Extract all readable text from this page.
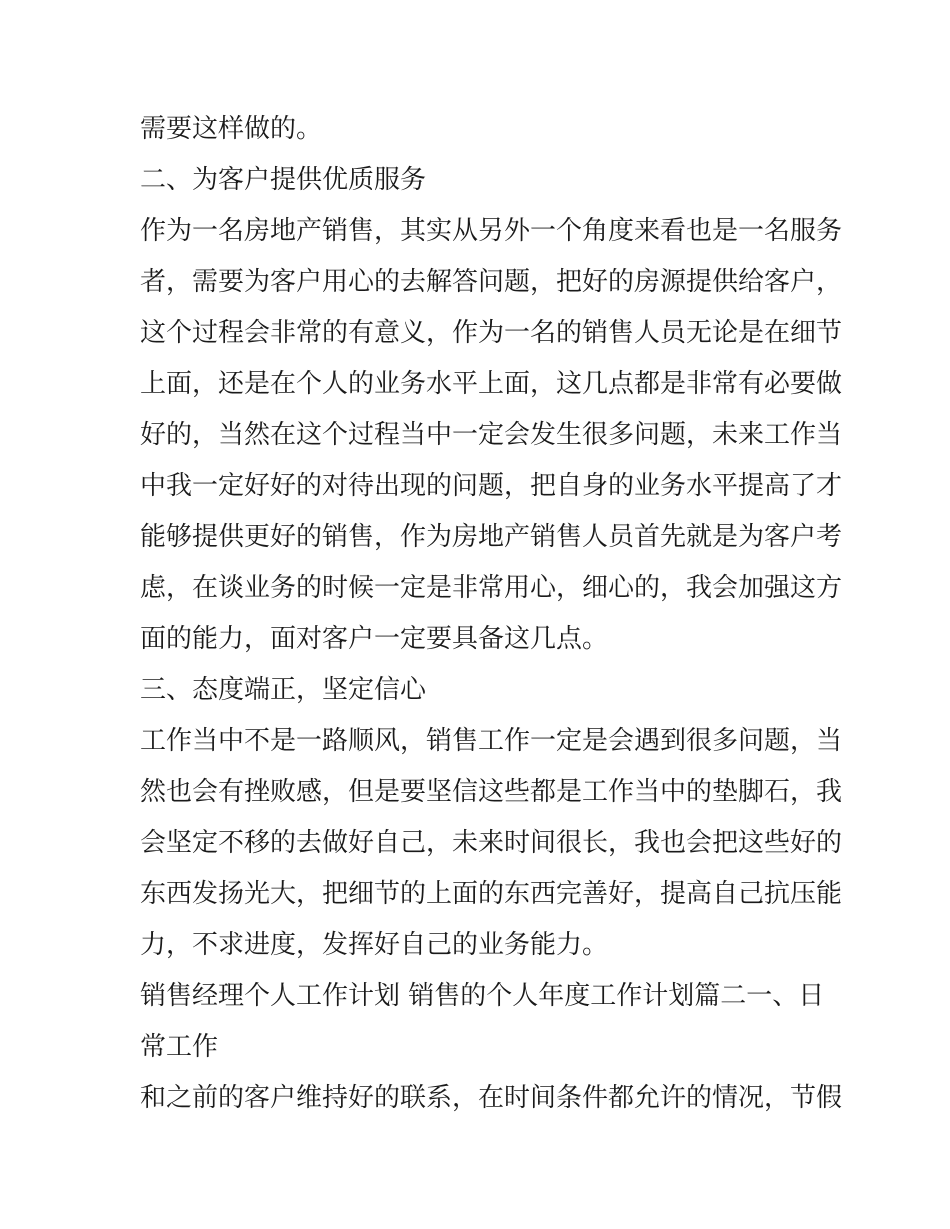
需要这样做的。

二、为客户提供优质服务

作为一名房地产销售，其实从另外一个角度来看也是一名服务

者，需要为客户用心的去解答问题，把好的房源提供给客户，

这个过程会非常的有意义，作为一名的销售人员无论是在细节

上面，还是在个人的业务水平上面，这几点都是非常有必要做

好的，当然在这个过程当中一定会发生很多问题，未来工作当

中我一定好好的对待出现的问题，把自身的业务水平提高了才

能够提供更好的销售，作为房地产销售人员首先就是为客户考

虑，在谈业务的时候一定是非常用心，细心的，我会加强这方

面的能力，面对客户一定要具备这几点。

三、态度端正，坚定信心

工作当中不是一路顺风，销售工作一定是会遇到很多问题，当

然也会有挫败感，但是要坚信这些都是工作当中的垫脚石，我

会坚定不移的去做好自己，未来时间很长，我也会把这些好的

东西发扬光大，把细节的上面的东西完善好，提高自己抗压能

力，不求进度，发挥好自己的业务能力。

销售经理个人工作计划 销售的个人年度工作计划篇二一、日

常工作

和之前的客户维持好的联系，在时间条件都允许的情况，节假
